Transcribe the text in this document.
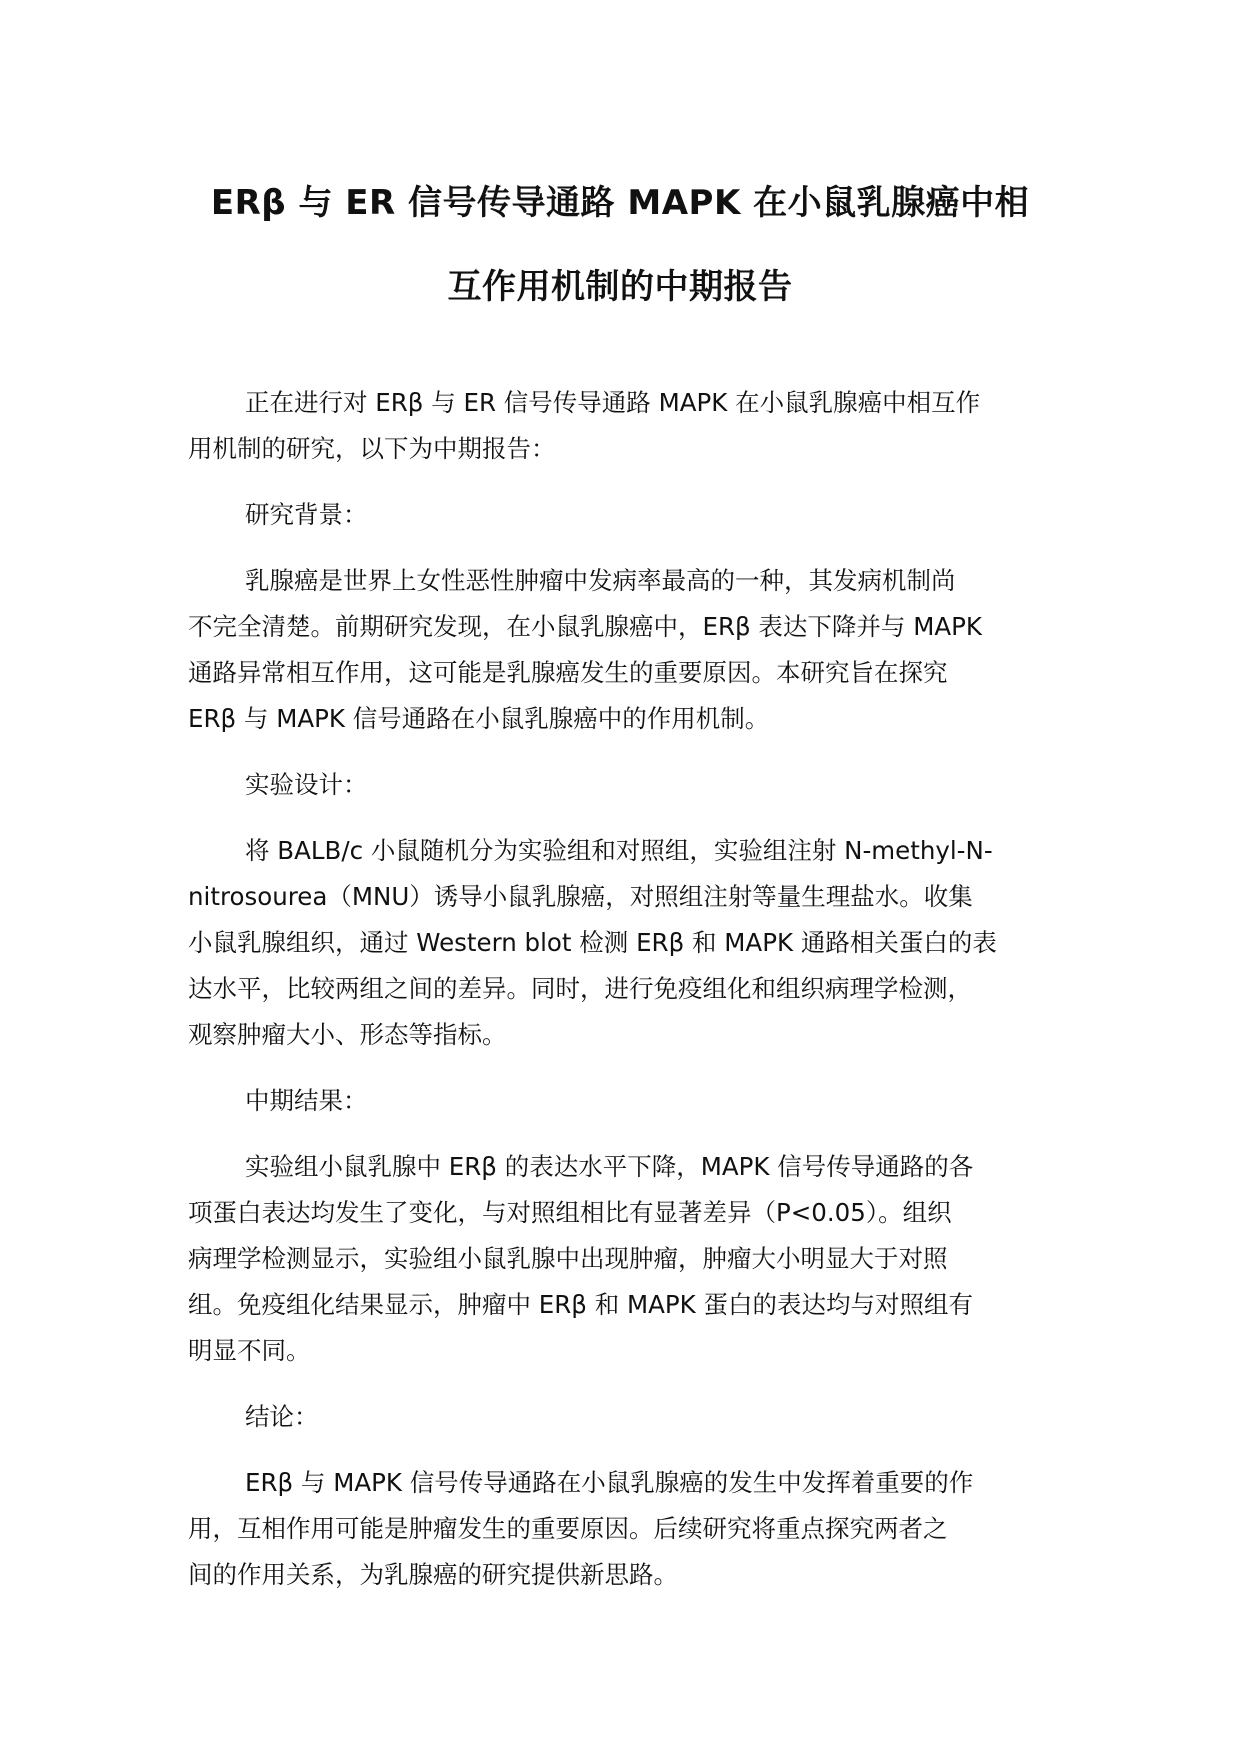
ERβ 与 ER 信号传导通路 MAPK 在小鼠乳腺癌中相
互作用机制的中期报告

正在进行对 ERβ 与 ER 信号传导通路 MAPK 在小鼠乳腺癌中相互作
用机制的研究，以下为中期报告：

研究背景：

乳腺癌是世界上女性恶性肿瘤中发病率最高的一种，其发病机制尚
不完全清楚。前期研究发现，在小鼠乳腺癌中，ERβ 表达下降并与 MAPK
通路异常相互作用，这可能是乳腺癌发生的重要原因。本研究旨在探究
ERβ 与 MAPK 信号通路在小鼠乳腺癌中的作用机制。

实验设计：

将 BALB/c 小鼠随机分为实验组和对照组，实验组注射 N-methyl-N-
nitrosourea（MNU）诱导小鼠乳腺癌，对照组注射等量生理盐水。收集
小鼠乳腺组织，通过 Western blot 检测 ERβ 和 MAPK 通路相关蛋白的表
达水平，比较两组之间的差异。同时，进行免疫组化和组织病理学检测，
观察肿瘤大小、形态等指标。

中期结果：

实验组小鼠乳腺中 ERβ 的表达水平下降，MAPK 信号传导通路的各
项蛋白表达均发生了变化，与对照组相比有显著差异（P<0.05）。组织
病理学检测显示，实验组小鼠乳腺中出现肿瘤，肿瘤大小明显大于对照
组。免疫组化结果显示，肿瘤中 ERβ 和 MAPK 蛋白的表达均与对照组有
明显不同。

结论：

ERβ 与 MAPK 信号传导通路在小鼠乳腺癌的发生中发挥着重要的作
用，互相作用可能是肿瘤发生的重要原因。后续研究将重点探究两者之
间的作用关系，为乳腺癌的研究提供新思路。
